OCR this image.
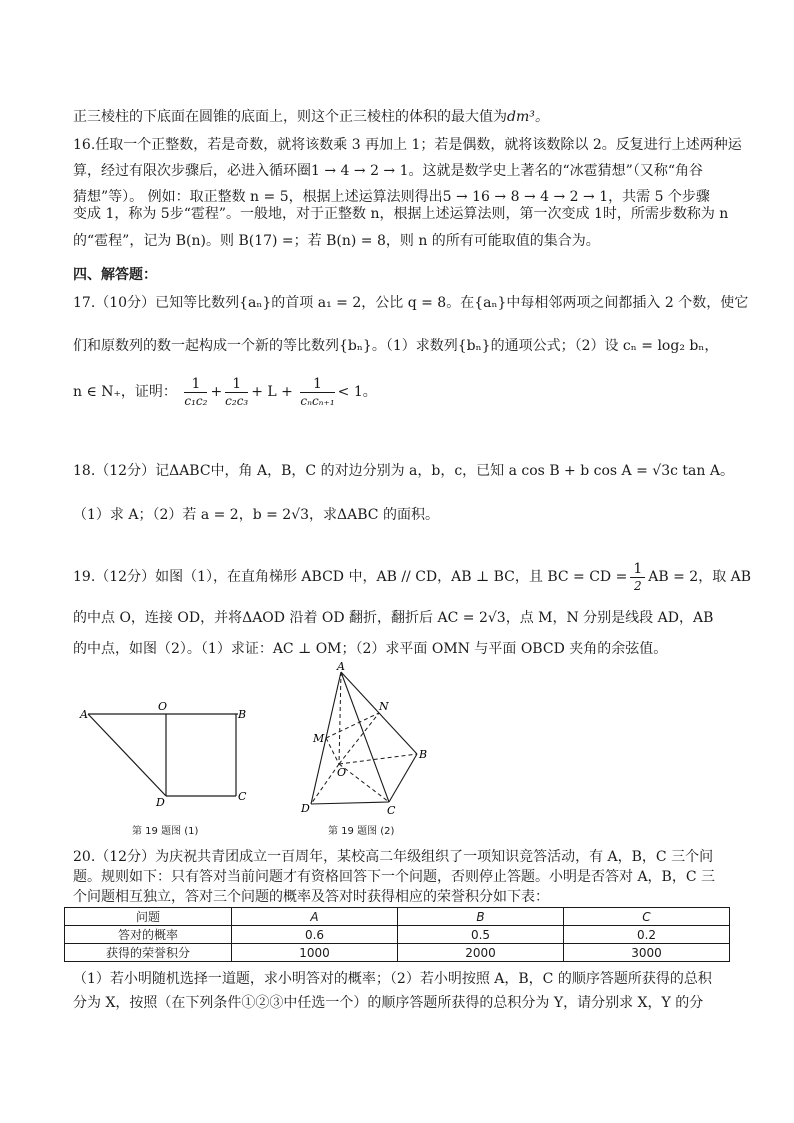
正三棱柱的下底面在圆锥的底面上，则这个正三棱柱的体积的最大值为dm³。
16.任取一个正整数，若是奇数，就将该数乘 3 再加上 1；若是偶数，就将该数除以 2。反复进行上述两种运
算，经过有限次步骤后，必进入循环圈1 → 4 → 2 → 1。这就是数学史上著名的“冰雹猜想”（又称“角谷
猜想”等）。 例如：取正整数 n = 5，根据上述运算法则得出5 → 16 → 8 → 4 → 2 → 1，共需 5 个步骤
变成 1，称为 5步“雹程”。一般地，对于正整数 n，根据上述运算法则，第一次变成 1时，所需步数称为 n
的“雹程”，记为 B(n)。则 B(17) =；若 B(n) = 8，则 n 的所有可能取值的集合为。
四、解答题：
17.（10分）已知等比数列{aₙ}的首项 a₁ = 2，公比 q = 8。在{aₙ}中每相邻两项之间都插入 2 个数，使它
们和原数列的数一起构成一个新的等比数列{bₙ}。（1）求数列{bₙ}的通项公式；（2）设 cₙ = log₂ bₙ，
n ∈ N₊，证明： $\frac{1}{\text{c₁c₂}} + \frac{1}{\text{c₂c₃}} + L + \frac{1}{\text{cₙcₙ₊₁}} < 1$。
18.（12分）记ΔABC中，角 A，B，C 的对边分别为 a，b，c，已知 a cos B + b cos A = √3c tan A。
（1）求 A；（2）若 a = 2，b = 2√3，求ΔABC 的面积。
19.（12分）如图（1），在直角梯形 ABCD 中，AB // CD，AB ⊥ BC，且 BC = CD = $\frac{1}{2}$ AB = 2，取 AB
的中点 O，连接 OD，并将ΔAOD 沿着 OD 翻折，翻折后 AC = 2√3，点 M，N 分别是线段 AD，AB
的中点，如图（2）。（1）求证：AC ⊥ OM；（2）求平面 OMN 与平面 OBCD 夹角的余弦值。
A
O
B
D	C
第 19 题图 (1)
A
N
M
O
B
D	C
第 19 题图 (2)
20.（12分）为庆祝共青团成立一百周年，某校高二年级组织了一项知识竞答活动，有 A，B，C 三个问
题。规则如下：只有答对当前问题才有资格回答下一个问题，否则停止答题。小明是否答对 A，B，C 三
个问题相互独立，答对三个问题的概率及答对时获得相应的荣誉积分如下表：
问题	A	B	C
答对的概率	0.6	0.5	0.2
获得的荣誉积分	1000	2000	3000
（1）若小明随机选择一道题，求小明答对的概率；（2）若小明按照 A，B，C 的顺序答题所获得的总积
分为 X，按照（在下列条件①②③中任选一个）的顺序答题所获得的总积分为 Y，请分别求 X，Y 的分
